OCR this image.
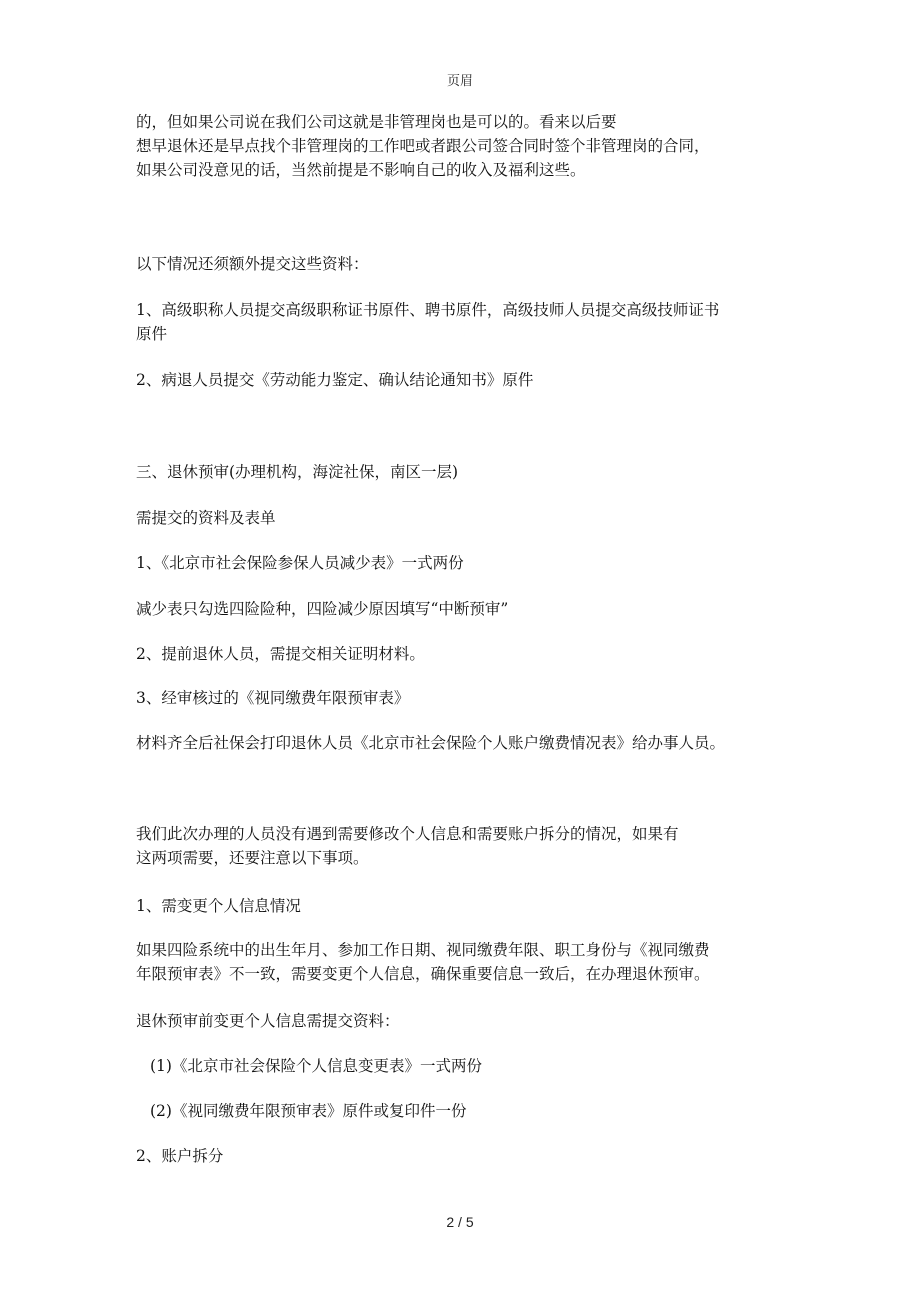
页眉
的，但如果公司说在我们公司这就是非管理岗也是可以的。看来以后要
想早退休还是早点找个非管理岗的工作吧或者跟公司签合同时签个非管理岗的合同，
如果公司没意见的话，当然前提是不影响自己的收入及福利这些。
以下情况还须额外提交这些资料：
1、高级职称人员提交高级职称证书原件、聘书原件，高级技师人员提交高级技师证书
原件
2、病退人员提交《劳动能力鉴定、确认结论通知书》原件
三、退休预审(办理机构，海淀社保，南区一层)
需提交的资料及表单
1、《北京市社会保险参保人员减少表》一式两份
减少表只勾选四险险种，四险减少原因填写“中断预审”
2、提前退休人员，需提交相关证明材料。
3、经审核过的《视同缴费年限预审表》
材料齐全后社保会打印退休人员《北京市社会保险个人账户缴费情况表》给办事人员。
我们此次办理的人员没有遇到需要修改个人信息和需要账户拆分的情况，如果有
这两项需要，还要注意以下事项。
1、需变更个人信息情况
如果四险系统中的出生年月、参加工作日期、视同缴费年限、职工身份与《视同缴费
年限预审表》不一致，需要变更个人信息，确保重要信息一致后，在办理退休预审。
退休预审前变更个人信息需提交资料：
(1)《北京市社会保险个人信息变更表》一式两份
(2)《视同缴费年限预审表》原件或复印件一份
2、账户拆分
2 / 5
